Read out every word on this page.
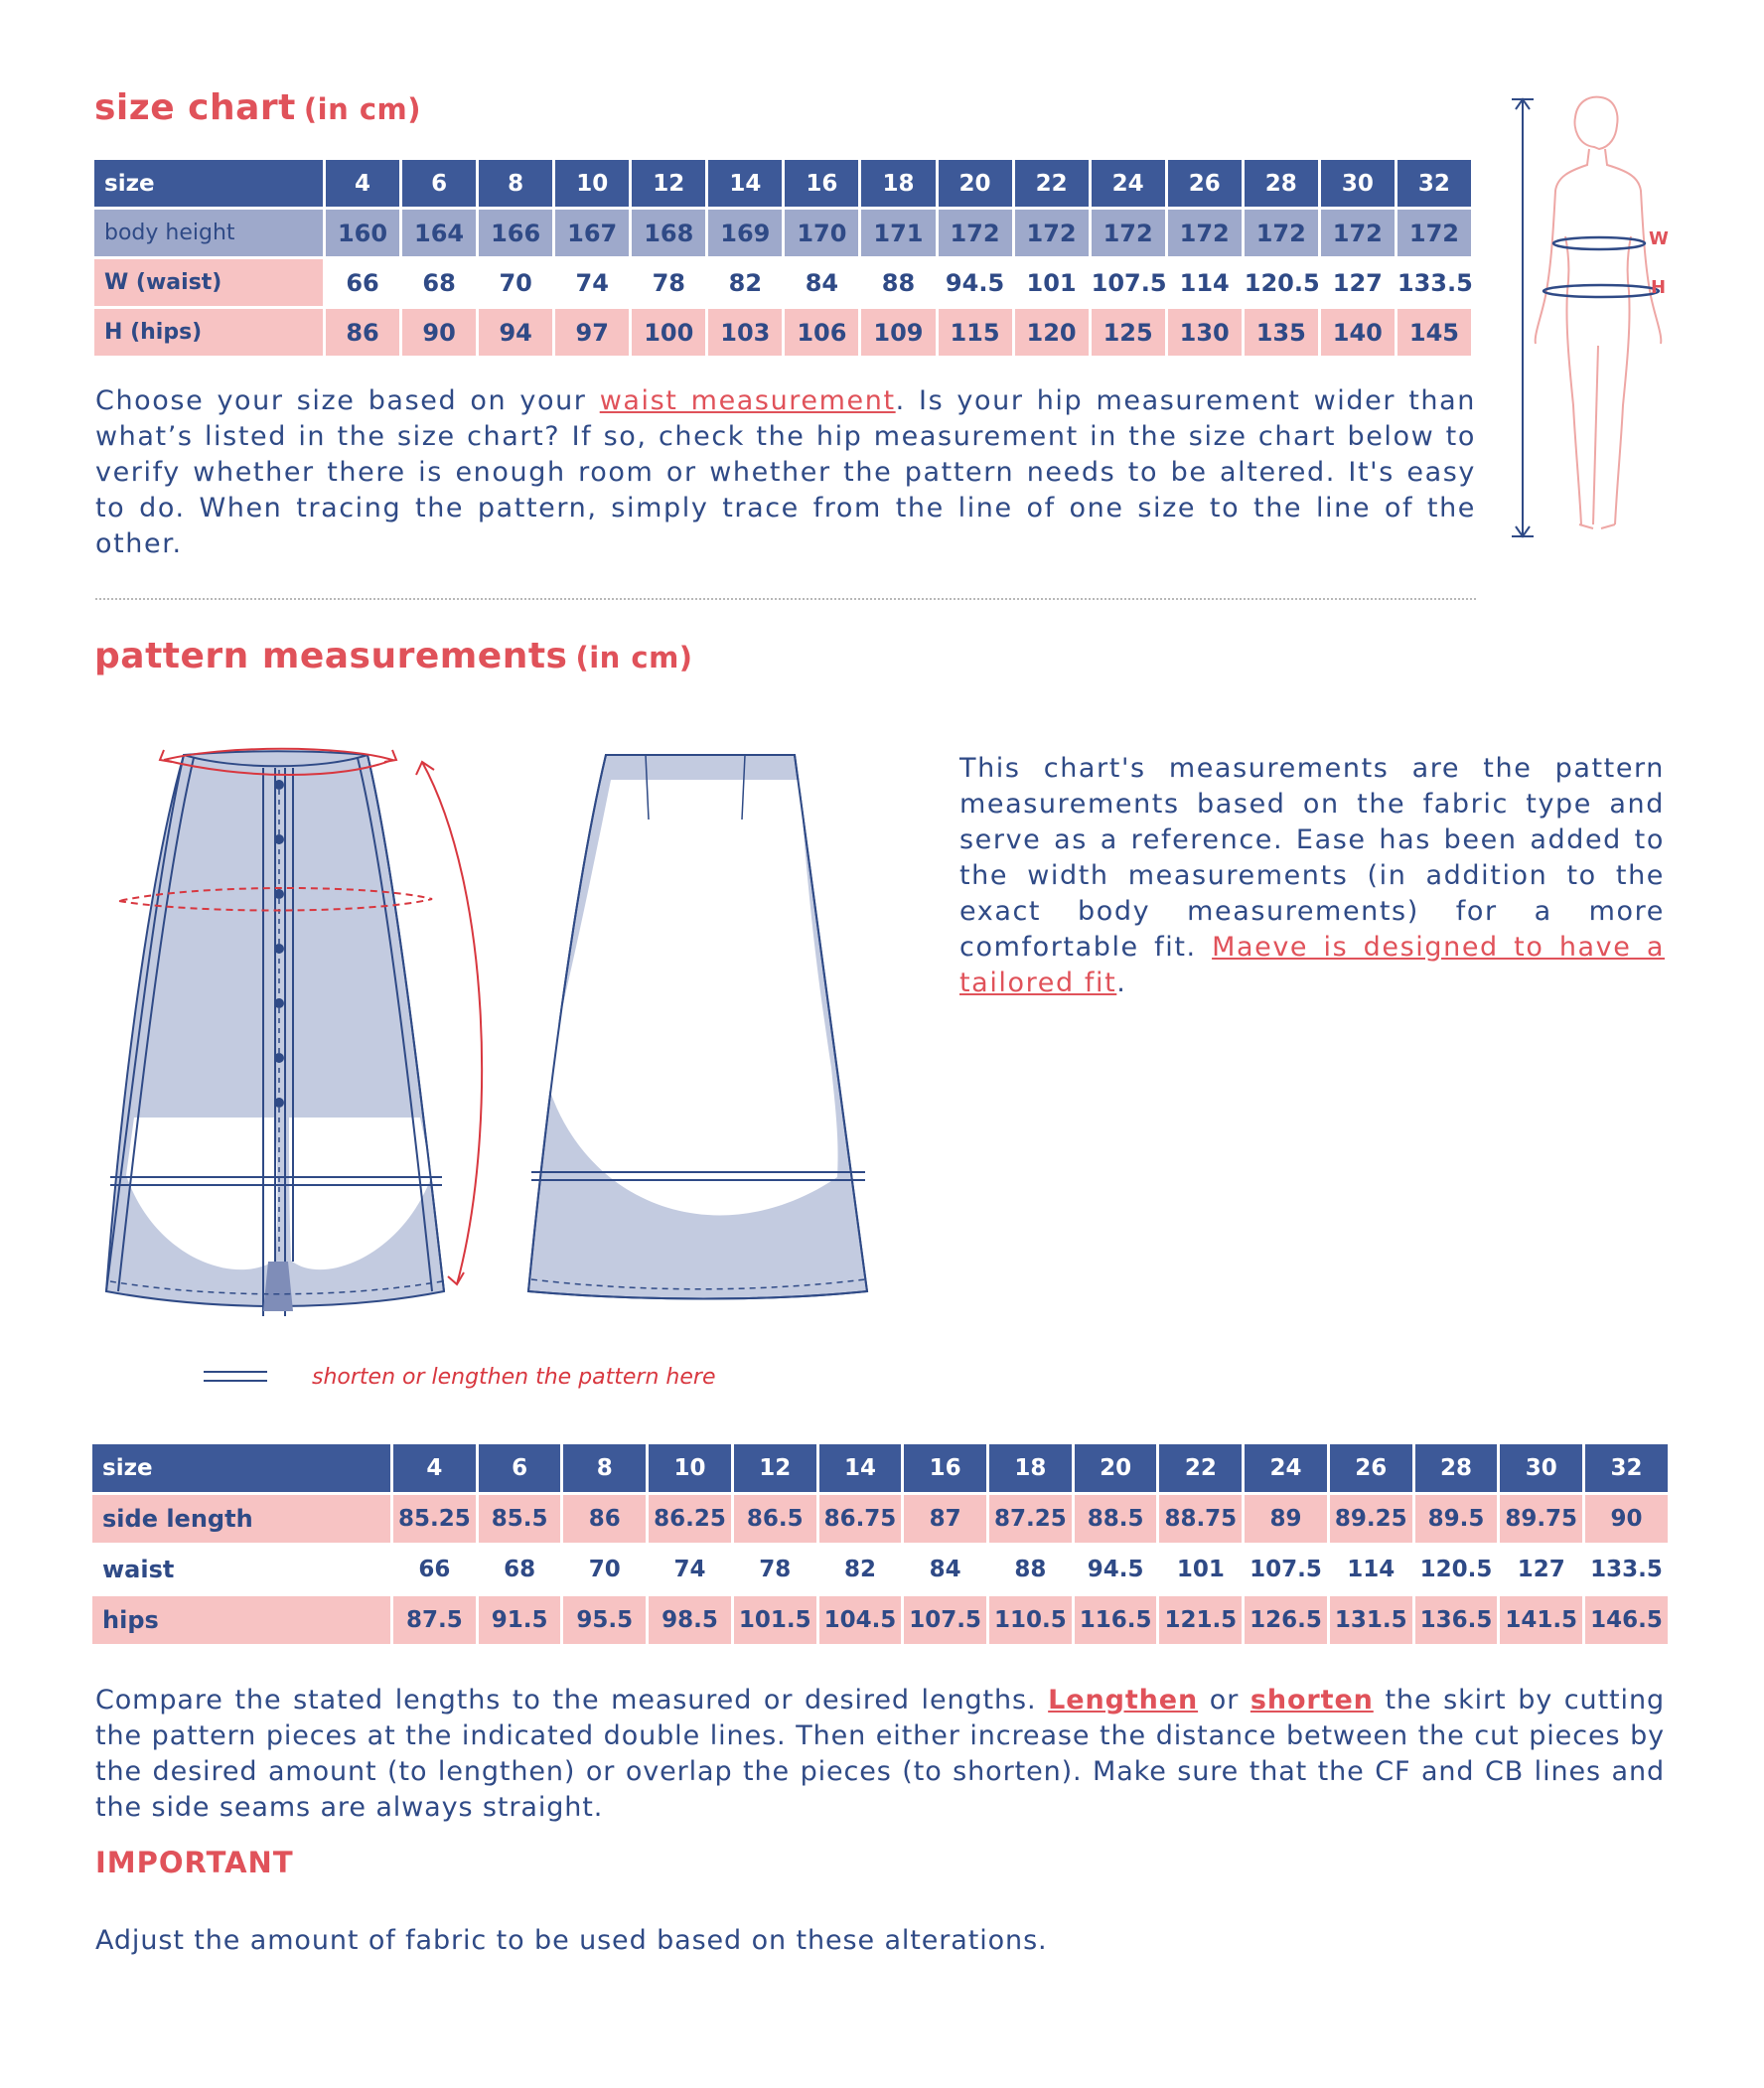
size chart (in cm)
size	4	6	8	10	12	14	16	18	20	22	24	26	28	30	32
body height	160	164	166	167	168	169	170	171	172	172	172	172	172	172	172
W (waist)	66	68	70	74	78	82	84	88	94.5	101	107.5	114	120.5	127	133.5
H (hips)	86	90	94	97	100	103	106	109	115	120	125	130	135	140	145
Choose your size based on your waist measurement. Is your hip measurement wider than what’s listed in the size chart? If so, check the hip measurement in the size chart below to verify whether there is enough room or whether the pattern needs to be altered. It's easy to do. When tracing the pattern, simply trace from the line of one size to the line of the other.
W
H
pattern measurements (in cm)
This chart's measurements are the pattern measurements based on the fabric type and serve as a reference. Ease has been added to the width measurements (in addition to the exact body measurements) for a more comfortable fit. Maeve is designed to have a tailored fit.
shorten or lengthen the pattern here
size	4	6	8	10	12	14	16	18	20	22	24	26	28	30	32
side length	85.25	85.5	86	86.25	86.5	86.75	87	87.25	88.5	88.75	89	89.25	89.5	89.75	90
waist	66	68	70	74	78	82	84	88	94.5	101	107.5	114	120.5	127	133.5
hips	87.5	91.5	95.5	98.5	101.5	104.5	107.5	110.5	116.5	121.5	126.5	131.5	136.5	141.5	146.5
Compare the stated lengths to the measured or desired lengths. Lengthen or shorten the skirt by cutting the pattern pieces at the indicated double lines. Then either increase the distance between the cut pieces by the desired amount (to lengthen) or overlap the pieces (to shorten). Make sure that the CF and CB lines and the side seams are always straight.
IMPORTANT
Adjust the amount of fabric to be used based on these alterations.
